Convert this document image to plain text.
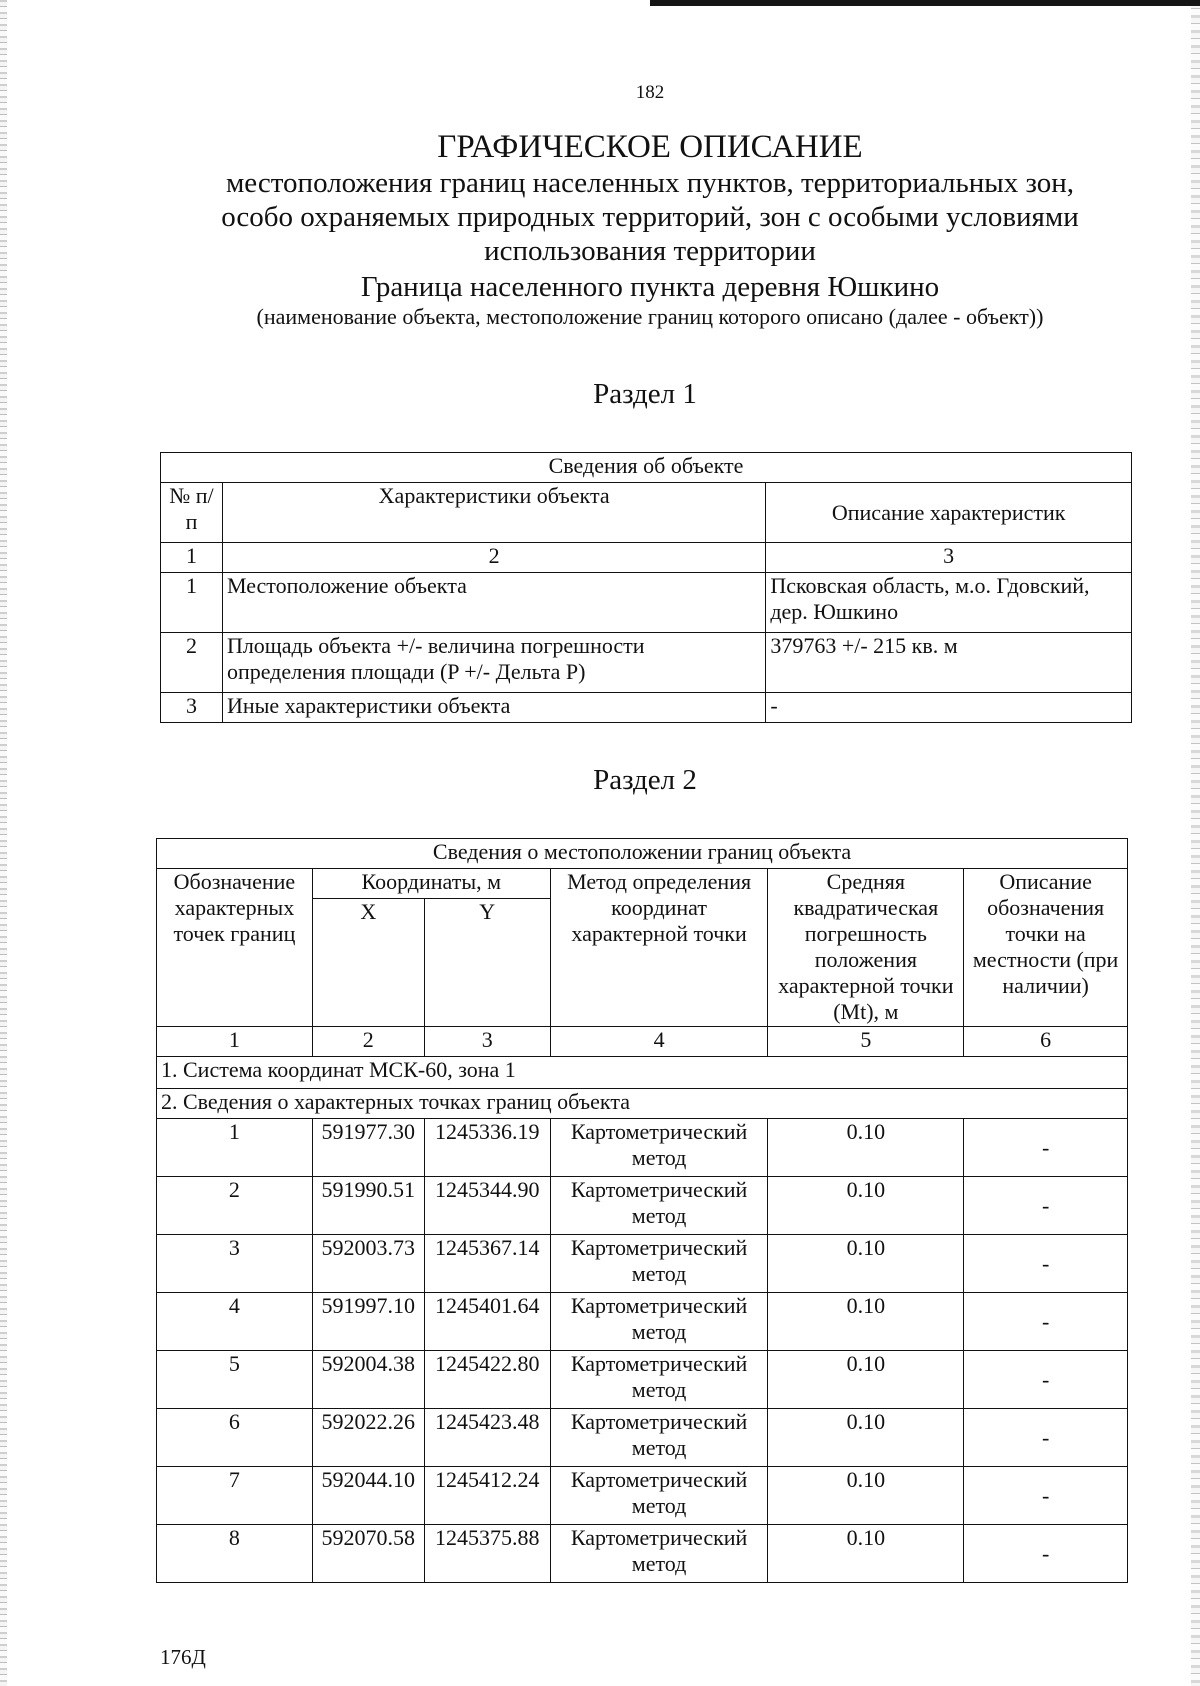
182
ГРАФИЧЕСКОЕ ОПИСАНИЕ
местоположения границ населенных пунктов, территориальных зон,
особо охраняемых природных территорий, зон с особыми условиями
использования территории
Граница населенного пункта деревня Юшкино
(наименование объекта, местоположение границ которого описано (далее - объект))
Раздел 1
Сведения об объекте		
№ п/п	Характеристики объекта	Описание характеристик
1	2	3
1	Местоположение объекта	Псковская область, м.о. Гдовский, дер. Юшкино
2	Площадь объекта +/- величина погрешности определения площади (P +/- Дельта P)	379763 +/- 215 кв. м
3	Иные характеристики объекта	-
Раздел 2
Сведения о местоположении границ объекта					
Обозначение характерных точек границ	Координаты, м		Метод определения координат характерной точки	Средняя квадратическая погрешность положения характерной точки (Mt), м	Описание обозначения точки на местности (при наличии)
	X	Y			
1	2	3	4	5	6
1. Система координат МСК-60, зона 1					
2. Сведения о характерных точках границ объекта					
1	591977.30	1245336.19	Картометрический метод	0.10	-
2	591990.51	1245344.90	Картометрический метод	0.10	-
3	592003.73	1245367.14	Картометрический метод	0.10	-
4	591997.10	1245401.64	Картометрический метод	0.10	-
5	592004.38	1245422.80	Картометрический метод	0.10	-
6	592022.26	1245423.48	Картометрический метод	0.10	-
7	592044.10	1245412.24	Картометрический метод	0.10	-
8	592070.58	1245375.88	Картометрический метод	0.10	-
176Д
